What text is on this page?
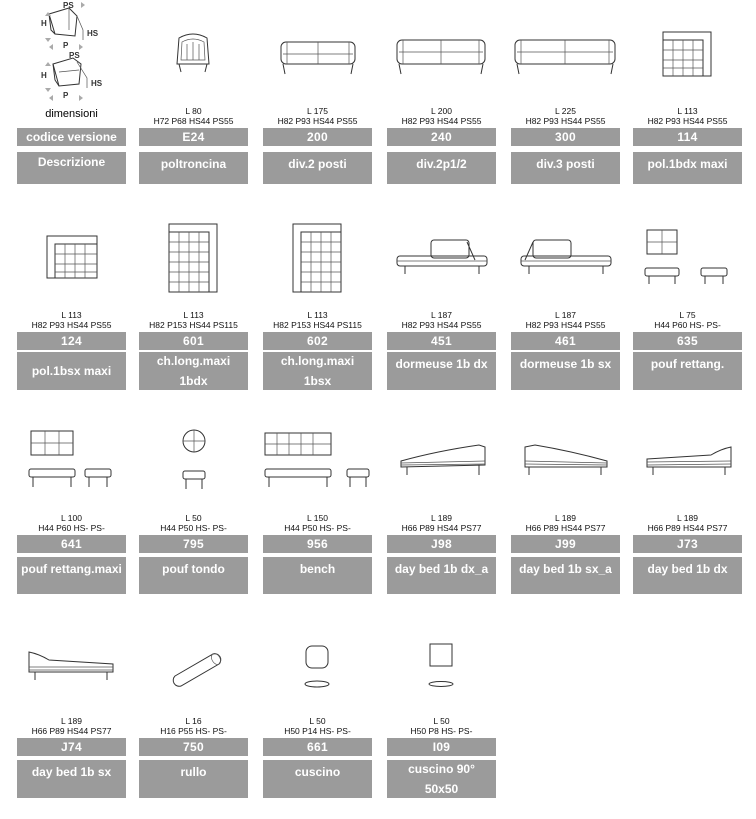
PS
H
HS
P
PS
H
HS
P
dimensioni
codice versione
Descrizione
L 80
H72 P68 HS44 PS55
E24
poltroncina
L 175
H82 P93 HS44 PS55
200
div.2 posti
L 200
H82 P93 HS44 PS55
240
div.2p1/2
L 225
H82 P93 HS44 PS55
300
div.3 posti
L 113
H82 P93 HS44 PS55
114
pol.1bdx maxi
L 113
H82 P93 HS44 PS55
124
pol.1bsx maxi
L 113
H82 P153 HS44 PS115
601
ch.long.maxi
1bdx
L 113
H82 P153 HS44 PS115
602
ch.long.maxi
1bsx
L 187
H82 P93 HS44 PS55
451
dormeuse 1b dx
L 187
H82 P93 HS44 PS55
461
dormeuse 1b sx
L 75
H44 P60 HS- PS-
635
pouf rettang.
L 100
H44 P60 HS- PS-
641
pouf rettang.maxi
L 50
H44 P50 HS- PS-
795
pouf tondo
L 150
H44 P50 HS- PS-
956
bench
L 189
H66 P89 HS44 PS77
J98
day bed 1b dx_a
L 189
H66 P89 HS44 PS77
J99
day bed 1b sx_a
L 189
H66 P89 HS44 PS77
J73
day bed 1b dx
L 189
H66 P89 HS44 PS77
J74
day bed 1b sx
L 16
H16 P55 HS- PS-
750
rullo
L 50
H50 P14 HS- PS-
661
cuscino
L 50
H50 P8 HS- PS-
I09
cuscino 90°
50x50
